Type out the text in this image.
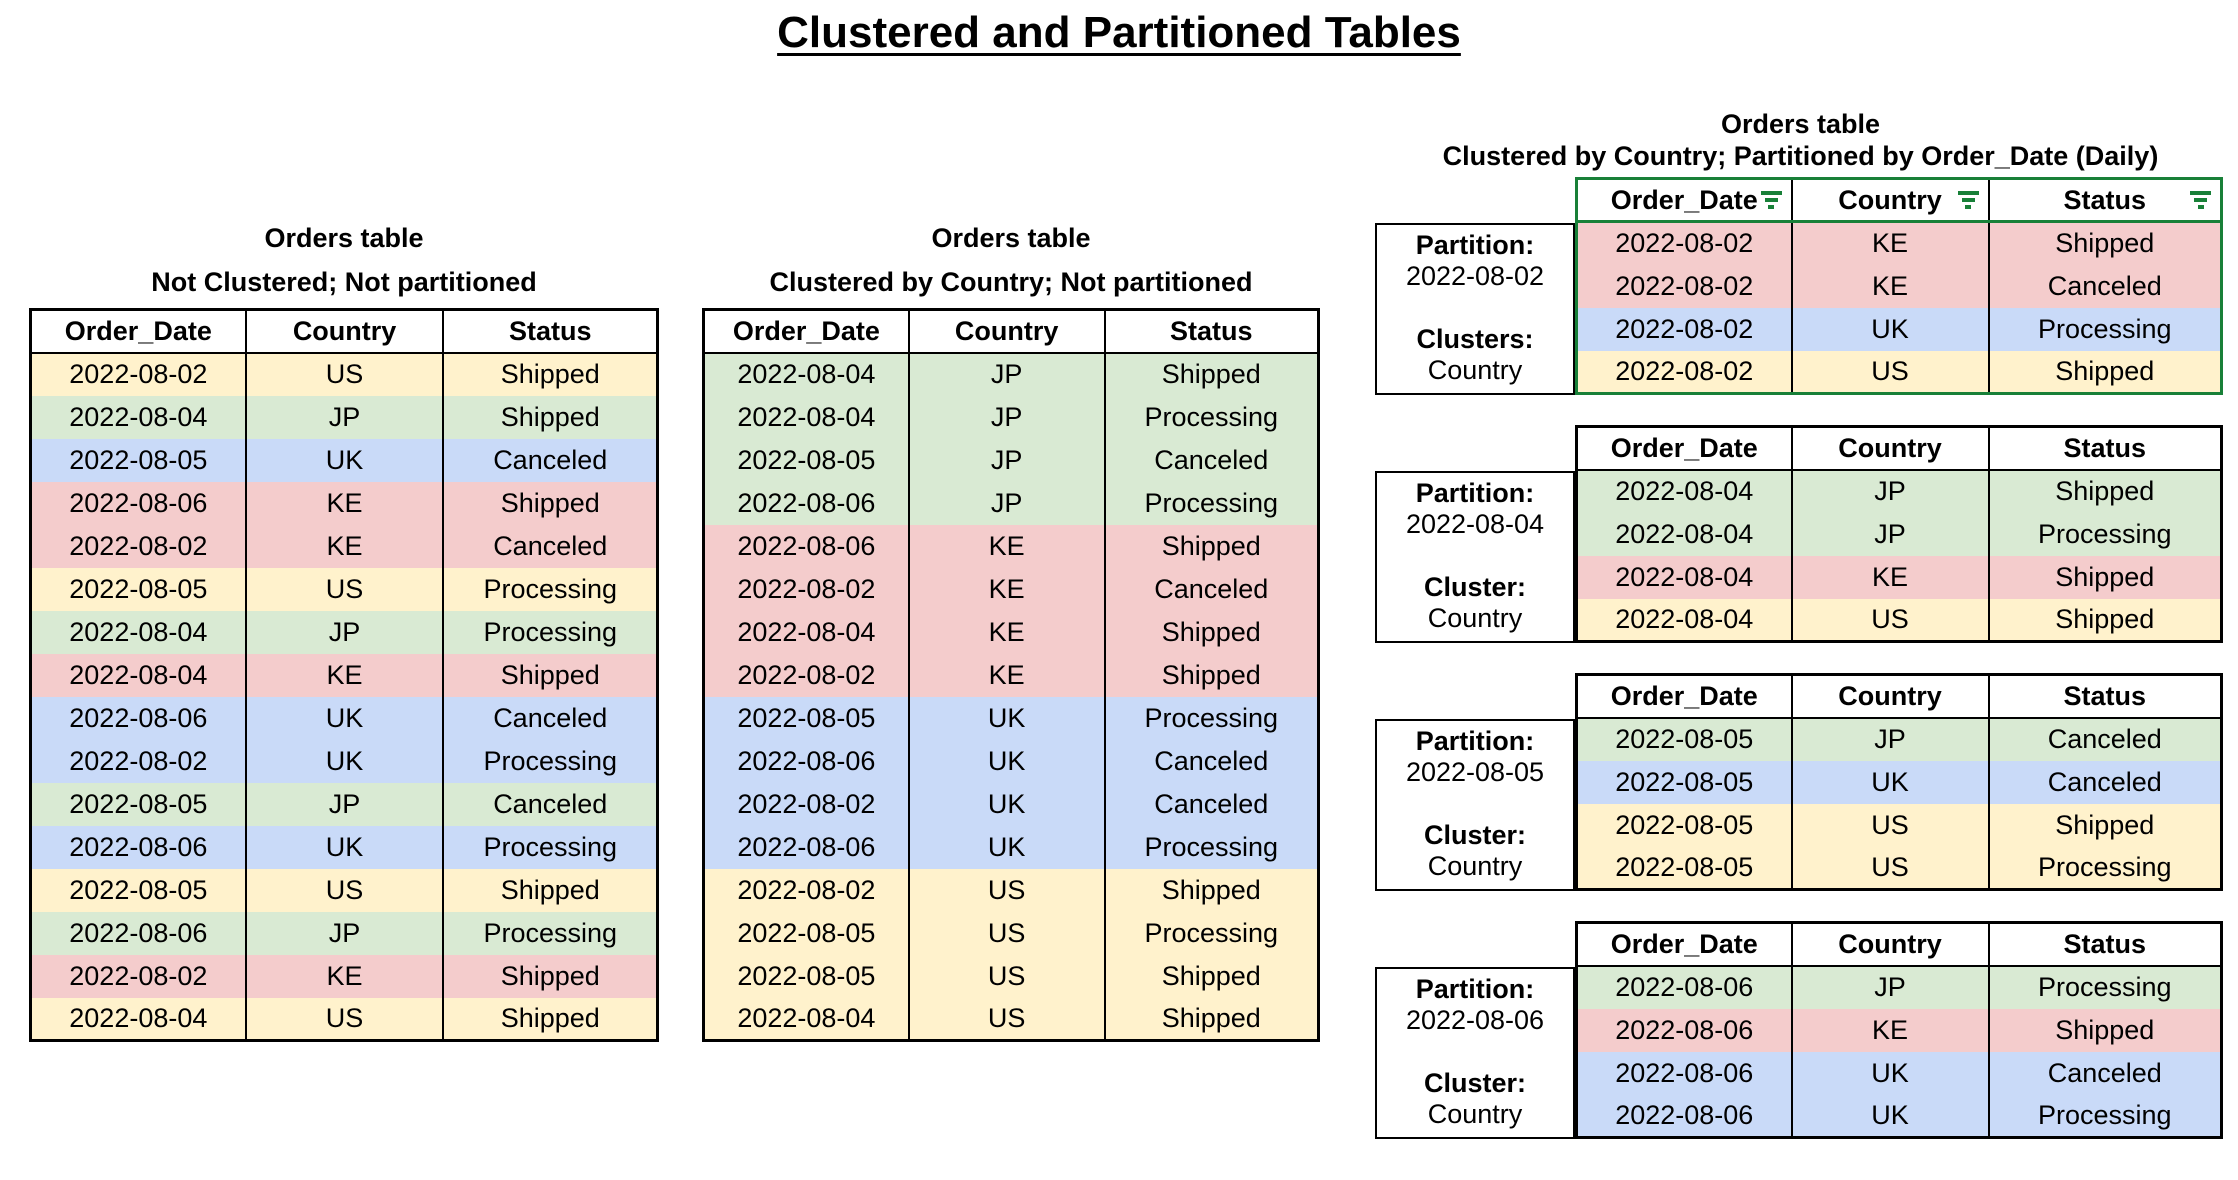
Clustered and Partitioned Tables
Orders table
Not Clustered; Not partitioned
Order_Date	Country	Status
2022-08-02	US	Shipped
2022-08-04	JP	Shipped
2022-08-05	UK	Canceled
2022-08-06	KE	Shipped
2022-08-02	KE	Canceled
2022-08-05	US	Processing
2022-08-04	JP	Processing
2022-08-04	KE	Shipped
2022-08-06	UK	Canceled
2022-08-02	UK	Processing
2022-08-05	JP	Canceled
2022-08-06	UK	Processing
2022-08-05	US	Shipped
2022-08-06	JP	Processing
2022-08-02	KE	Shipped
2022-08-04	US	Shipped
Orders table
Clustered by Country; Not partitioned
Order_Date	Country	Status
2022-08-04	JP	Shipped
2022-08-04	JP	Processing
2022-08-05	JP	Canceled
2022-08-06	JP	Processing
2022-08-06	KE	Shipped
2022-08-02	KE	Canceled
2022-08-04	KE	Shipped
2022-08-02	KE	Shipped
2022-08-05	UK	Processing
2022-08-06	UK	Canceled
2022-08-02	UK	Canceled
2022-08-06	UK	Processing
2022-08-02	US	Shipped
2022-08-05	US	Processing
2022-08-05	US	Shipped
2022-08-04	US	Shipped
Orders table
Clustered by Country; Partitioned by Order_Date (Daily)
Partition:
2022-08-02
Clusters:
Country
Order_Date	Country	Status

2022-08-02	KE	Shipped
2022-08-02	KE	Canceled
2022-08-02	UK	Processing
2022-08-02	US	Shipped
Partition:
2022-08-04
Cluster:
Country
Order_Date	Country	Status
2022-08-04	JP	Shipped
2022-08-04	JP	Processing
2022-08-04	KE	Shipped
2022-08-04	US	Shipped
Partition:
2022-08-05
Cluster:
Country
Order_Date	Country	Status
2022-08-05	JP	Canceled
2022-08-05	UK	Canceled
2022-08-05	US	Shipped
2022-08-05	US	Processing
Partition:
2022-08-06
Cluster:
Country
Order_Date	Country	Status
2022-08-06	JP	Processing
2022-08-06	KE	Shipped
2022-08-06	UK	Canceled
2022-08-06	UK	Processing
